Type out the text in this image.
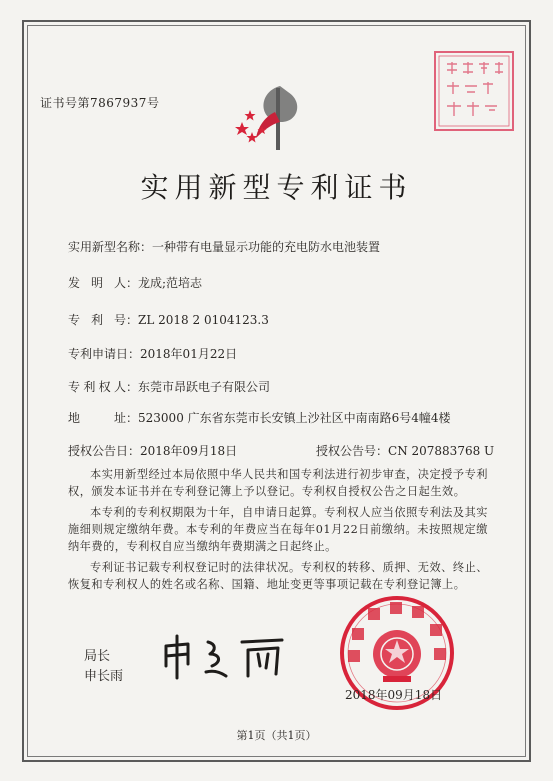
证书号第7867937号
实用新型专利证书
实用新型名称：一种带有电量显示功能的充电防水电池装置
发明人：龙成;范培志
专利号：ZL 2018 2 0104123.3
专利申请日：2018年01月22日
专利权人：东莞市昂跃电子有限公司
地址：523000 广东省东莞市长安镇上沙社区中南南路6号4幢4楼
授权公告日：2018年09月18日	授权公告号：CN 207883768 U
本实用新型经过本局依照中华人民共和国专利法进行初步审查，决定授予专利权，颁发本证书并在专利登记簿上予以登记。专利权自授权公告之日起生效。
本专利的专利权期限为十年，自申请日起算。专利权人应当依照专利法及其实施细则规定缴纳年费。本专利的年费应当在每年01月22日前缴纳。未按照规定缴纳年费的，专利权自应当缴纳年费期满之日起终止。
专利证书记载专利权登记时的法律状况。专利权的转移、质押、无效、终止、恢复和专利权人的姓名或名称、国籍、地址变更等事项记载在专利登记簿上。
局长
申长雨
2018年09月18日
第1页（共1页）
